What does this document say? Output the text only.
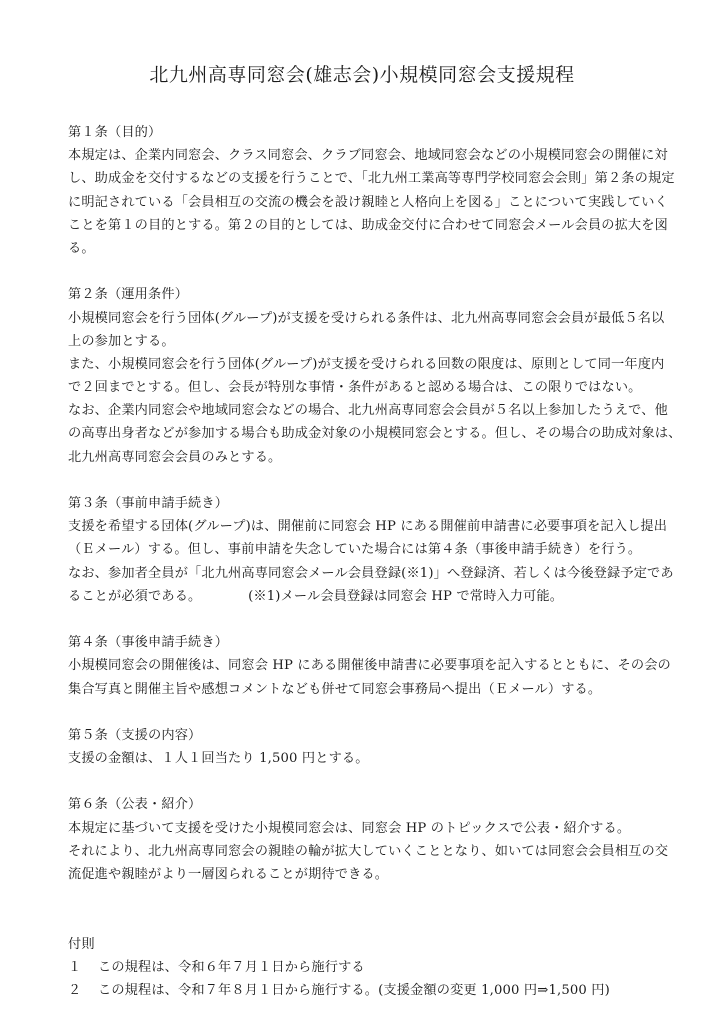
北九州高専同窓会(雄志会)小規模同窓会支援規程
第１条（目的）
本規定は、企業内同窓会、クラス同窓会、クラブ同窓会、地域同窓会などの小規模同窓会の開催に対
し、助成金を交付するなどの支援を行うことで、「北九州工業高等専門学校同窓会会則」第２条の規定
に明記されている「会員相互の交流の機会を設け親睦と人格向上を図る」ことについて実践していく
ことを第１の目的とする。第２の目的としては、助成金交付に合わせて同窓会メール会員の拡大を図
る。
第２条（運用条件）
小規模同窓会を行う団体(グループ)が支援を受けられる条件は、北九州高専同窓会会員が最低５名以
上の参加とする。
また、小規模同窓会を行う団体(グループ)が支援を受けられる回数の限度は、原則として同一年度内
で２回までとする。但し、会長が特別な事情・条件があると認める場合は、この限りではない。
なお、企業内同窓会や地域同窓会などの場合、北九州高専同窓会会員が５名以上参加したうえで、他
の高専出身者などが参加する場合も助成金対象の小規模同窓会とする。但し、その場合の助成対象は、
北九州高専同窓会会員のみとする。
第３条（事前申請手続き）
支援を希望する団体(グループ)は、開催前に同窓会 HP にある開催前申請書に必要事項を記入し提出
（Ｅメール）する。但し、事前申請を失念していた場合には第４条（事後申請手続き）を行う。
なお、参加者全員が「北九州高専同窓会メール会員登録(※1)」へ登録済、若しくは今後登録予定であ
ることが必須である。　　　　(※1)メール会員登録は同窓会 HP で常時入力可能。
第４条（事後申請手続き）
小規模同窓会の開催後は、同窓会 HP にある開催後申請書に必要事項を記入するとともに、その会の
集合写真と開催主旨や感想コメントなども併せて同窓会事務局へ提出（Ｅメール）する。
第５条（支援の内容）
支援の金額は、１人１回当たり 1,500 円とする。
第６条（公表・紹介）
本規定に基づいて支援を受けた小規模同窓会は、同窓会 HP のトピックスで公表・紹介する。
それにより、北九州高専同窓会の親睦の輪が拡大していくこととなり、如いては同窓会会員相互の交
流促進や親睦がより一層図られることが期待できる。
付則
１ この規程は、令和６年７月１日から施行する
２ この規程は、令和７年８月１日から施行する。(支援金額の変更 1,000 円⇒1,500 円)
